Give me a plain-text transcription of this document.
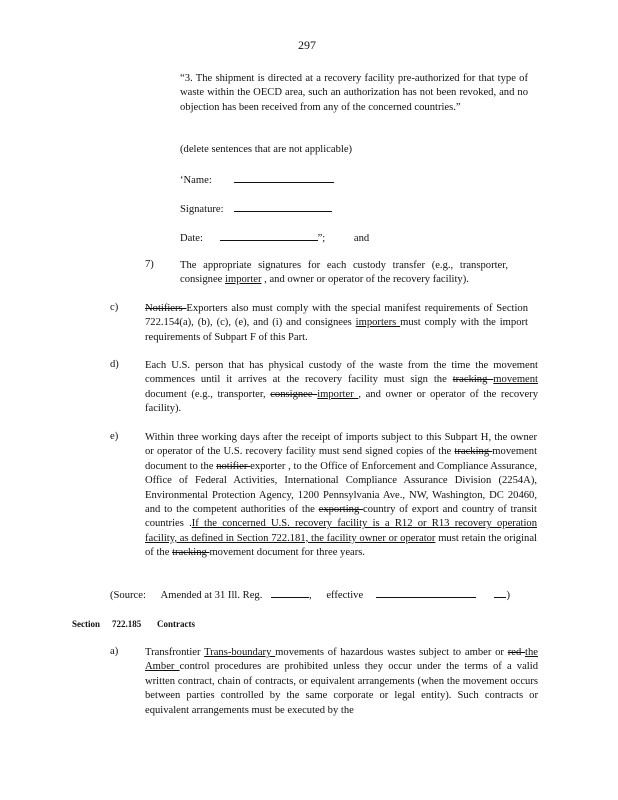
297
“3. The shipment is directed at a recovery facility pre-authorized for that type of waste within the OECD area, such an authorization has not been revoked, and no objection has been received from any of the concerned countries.”
(delete sentences that are not applicable)
‘Name:
Signature:
Date:	”;	and
7) The appropriate signatures for each custody transfer (e.g., transporter, consignee importer , and owner or operator of the recovery facility).
c)	Notifiers Exporters also must comply with the special manifest requirements of Section 722.154(a), (b), (c), (e), and (i) and consignees importers must comply with the import requirements of Subpart F of this Part.
d) Each U.S. person that has physical custody of the waste from the time the movement commences until it arrives at the recovery facility must sign the tracking movement document (e.g., transporter, consignee importer , and owner or operator of the recovery facility).
e)	Within three working days after the receipt of imports subject to this Subpart H, the owner or operator of the U.S. recovery facility must send signed copies of the tracking movement document to the notifier exporter , to the Office of Enforcement and Compliance Assurance, Office of Federal Activities, International Compliance Assurance Division (2254A), Environmental Protection Agency, 1200 Pennsylvania Ave., NW, Washington, DC 20460, and to the competent authorities of the exporting country of export and country of transit countries .If the concerned U.S. recovery facility is a R12 or R13 recovery operation facility, as defined in Section 722.181, the facility owner or operator must retain the original of the tracking movement document for three years.
(Source: Amended at 31 Ill. Reg.	, effective	)
Section 722.185 Contracts
a)	Transfrontier Trans-boundary movements of hazardous wastes subject to amber or red the Amber control procedures are prohibited unless they occur under the terms of a valid written contract, chain of contracts, or equivalent arrangements (when the movement occurs between parties controlled by the same corporate or legal entity). Such contracts or equivalent arrangements must be executed by the
